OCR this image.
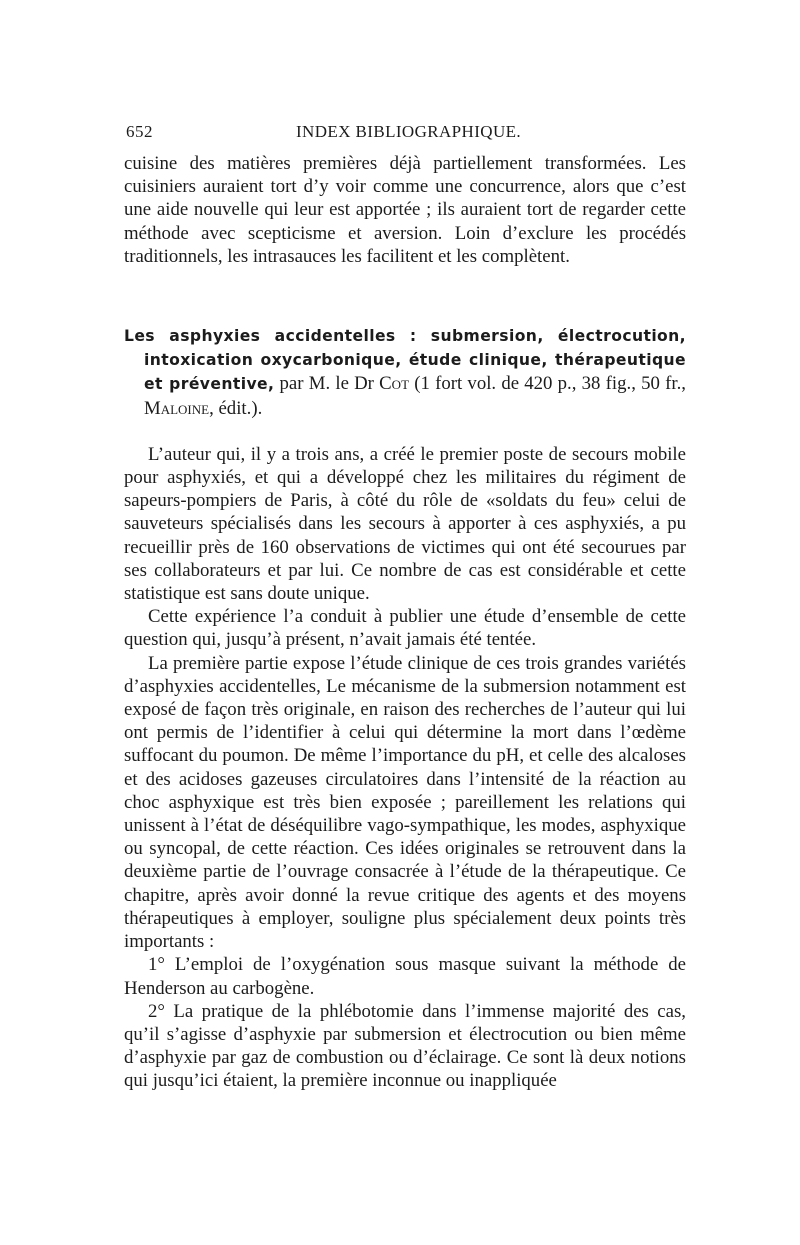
652	INDEX BIBLIOGRAPHIQUE.

cuisine des matières premières déjà partiellement transformées. Les cuisiniers auraient tort d’y voir comme une concurrence, alors que c’est une aide nouvelle qui leur est apportée ; ils auraient tort de regarder cette méthode avec scepticisme et aversion. Loin d’exclure les procédés traditionnels, les intrasauces les facilitent et les complètent.

Les asphyxies accidentelles : submersion, électrocution, intoxication oxycarbonique, étude clinique, thérapeutique et préventive, par M. le Dr Cot (1 fort vol. de 420 p., 38 fig., 50 fr., Maloine, édit.).

L’auteur qui, il y a trois ans, a créé le premier poste de secours mobile pour asphyxiés, et qui a développé chez les militaires du régiment de sapeurs-pompiers de Paris, à côté du rôle de «soldats du feu» celui de sauveteurs spécialisés dans les secours à apporter à ces asphyxiés, a pu recueillir près de 160 observations de victimes qui ont été secourues par ses collaborateurs et par lui. Ce nombre de cas est considérable et cette statistique est sans doute unique.

Cette expérience l’a conduit à publier une étude d’ensemble de cette question qui, jusqu’à présent, n’avait jamais été tentée.

La première partie expose l’étude clinique de ces trois grandes variétés d’asphyxies accidentelles, Le mécanisme de la submersion notamment est exposé de façon très originale, en raison des recherches de l’auteur qui lui ont permis de l’identifier à celui qui détermine la mort dans l’œdème suffocant du poumon. De même l’importance du pH, et celle des alcaloses et des acidoses gazeuses circulatoires dans l’intensité de la réaction au choc asphyxique est très bien exposée ; pareillement les relations qui unissent à l’état de déséquilibre vago-sympathique, les modes, asphyxique ou syncopal, de cette réaction. Ces idées originales se retrouvent dans la deuxième partie de l’ouvrage consacrée à l’étude de la thérapeutique. Ce chapitre, après avoir donné la revue critique des agents et des moyens thérapeutiques à employer, souligne plus spécialement deux points très importants :

1° L’emploi de l’oxygénation sous masque suivant la méthode de Henderson au carbogène.

2° La pratique de la phlébotomie dans l’immense majorité des cas, qu’il s’agisse d’asphyxie par submersion et électrocution ou bien même d’asphyxie par gaz de combustion ou d’éclairage. Ce sont là deux notions qui jusqu’ici étaient, la première inconnue ou inappliquée
